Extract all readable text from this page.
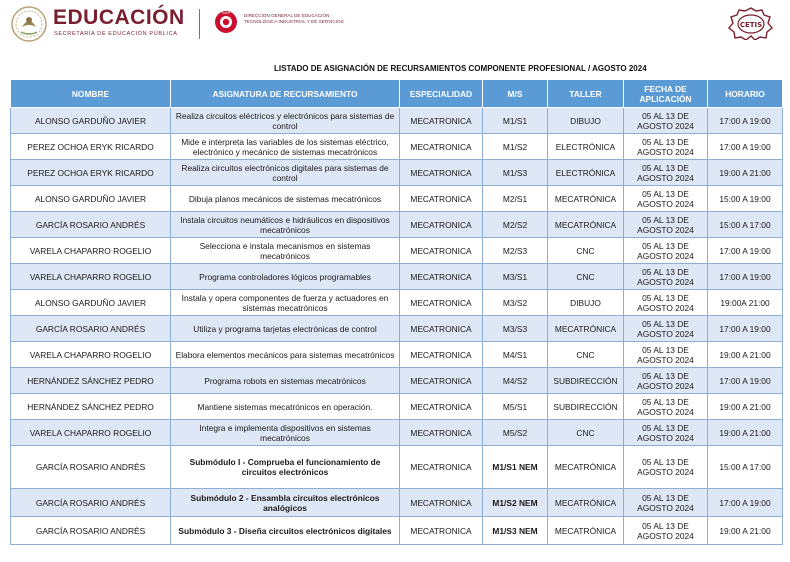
EDUCACIÓN
SECRETARÍA DE EDUCACIÓN PÚBLICA
DGETI	DIRECCIÓN GENERAL DE EDUCACIÓN
TECNOLÓGICA INDUSTRIAL Y DE SERVICIOS	CETIS
LISTADO DE ASIGNACIÓN DE RECURSAMIENTOS COMPONENTE PROFESIONAL / AGOSTO 2024
NOMBRE	ASIGNATURA DE RECURSAMIENTO	ESPECIALIDAD	M/S	TALLER	FECHA DE APLICACIÓN	HORARIO
ALONSO GARDUÑO JAVIER	Realiza circuitos eléctricos y electrónicos para sistemas de control	MECATRONICA	M1/S1	DIBUJO	05 AL 13 DE AGOSTO 2024	17:00 A 19:00
PEREZ OCHOA ERYK RICARDO	Mide e interpreta las variables de los sistemas eléctrico, electrónico y mecánico de sistemas mecatrónicos	MECATRONICA	M1/S2	ELECTRÓNICA	05 AL 13 DE AGOSTO 2024	17:00 A 19:00
PEREZ OCHOA ERYK RICARDO	Realiza circuitos electrónicos digitales para sistemas de control	MECATRONICA	M1/S3	ELECTRÓNICA	05 AL 13 DE AGOSTO 2024	19:00 A 21:00
ALONSO GARDUÑO JAVIER	Dibuja planos mecánicos de sistemas mecatrónicos	MECATRONICA	M2/S1	MECATRÓNICA	05 AL 13 DE AGOSTO 2024	15:00 A 19:00
GARCÍA ROSARIO ANDRÉS	Instala circuitos neumáticos e hidráulicos en dispositivos mecatrónicos	MECATRONICA	M2/S2	MECATRÓNICA	05 AL 13 DE AGOSTO 2024	15:00 A 17:00
VARELA CHAPARRO ROGELIO	Selecciona e instala mecanismos en sistemas mecatrónicos	MECATRONICA	M2/S3	CNC	05 AL 13 DE AGOSTO 2024	17:00 A 19:00
VARELA CHAPARRO ROGELIO	Programa controladores lógicos programables	MECATRONICA	M3/S1	CNC	05 AL 13 DE AGOSTO 2024	17:00 A 19:00
ALONSO GARDUÑO JAVIER	Instala y opera componentes de fuerza y actuadores en sistemas mecatrónicos	MECATRONICA	M3/S2	DIBUJO	05 AL 13 DE AGOSTO 2024	19:00A 21:00
GARCÍA ROSARIO ANDRÉS	Utiliza y programa tarjetas electrónicas de control	MECATRONICA	M3/S3	MECATRÓNICA	05 AL 13 DE AGOSTO 2024	17:00 A 19:00
VARELA CHAPARRO ROGELIO	Elabora elementos mecánicos para sistemas mecatrónicos	MECATRONICA	M4/S1	CNC	05 AL 13 DE AGOSTO 2024	19:00 A 21:00
HERNÁNDEZ SÁNCHEZ PEDRO	Programa robots en sistemas mecatrónicos	MECATRONICA	M4/S2	SUBDIRECCIÓN	05 AL 13 DE AGOSTO 2024	17:00 A 19:00
HERNÁNDEZ SÁNCHEZ PEDRO	Mantiene sistemas mecatrónicos en operación.	MECATRONICA	M5/S1	SUBDIRECCIÓN	05 AL 13 DE AGOSTO 2024	19:00 A 21:00
VARELA CHAPARRO ROGELIO	Integra e implementa dispositivos en sistemas mecatrónicos	MECATRONICA	M5/S2	CNC	05 AL 13 DE AGOSTO 2024	19:00 A 21:00
GARCÍA ROSARIO ANDRÉS	Submódulo I - Comprueba el funcionamiento de circuitos electrónicos	MECATRONICA	M1/S1 NEM	MECATRÓNICA	05 AL 13 DE AGOSTO 2024	15:00 A 17:00
GARCÍA ROSARIO ANDRÉS	Submódulo 2 - Ensambla circuitos electrónicos analógicos	MECATRONICA	M1/S2 NEM	MECATRÓNICA	05 AL 13 DE AGOSTO 2024	17:00 A 19:00
GARCÍA ROSARIO ANDRÉS	Submódulo 3 - Diseña circuitos electrónicos digitales	MECATRONICA	M1/S3 NEM	MECATRÓNICA	05 AL 13 DE AGOSTO 2024	19:00 A 21:00
